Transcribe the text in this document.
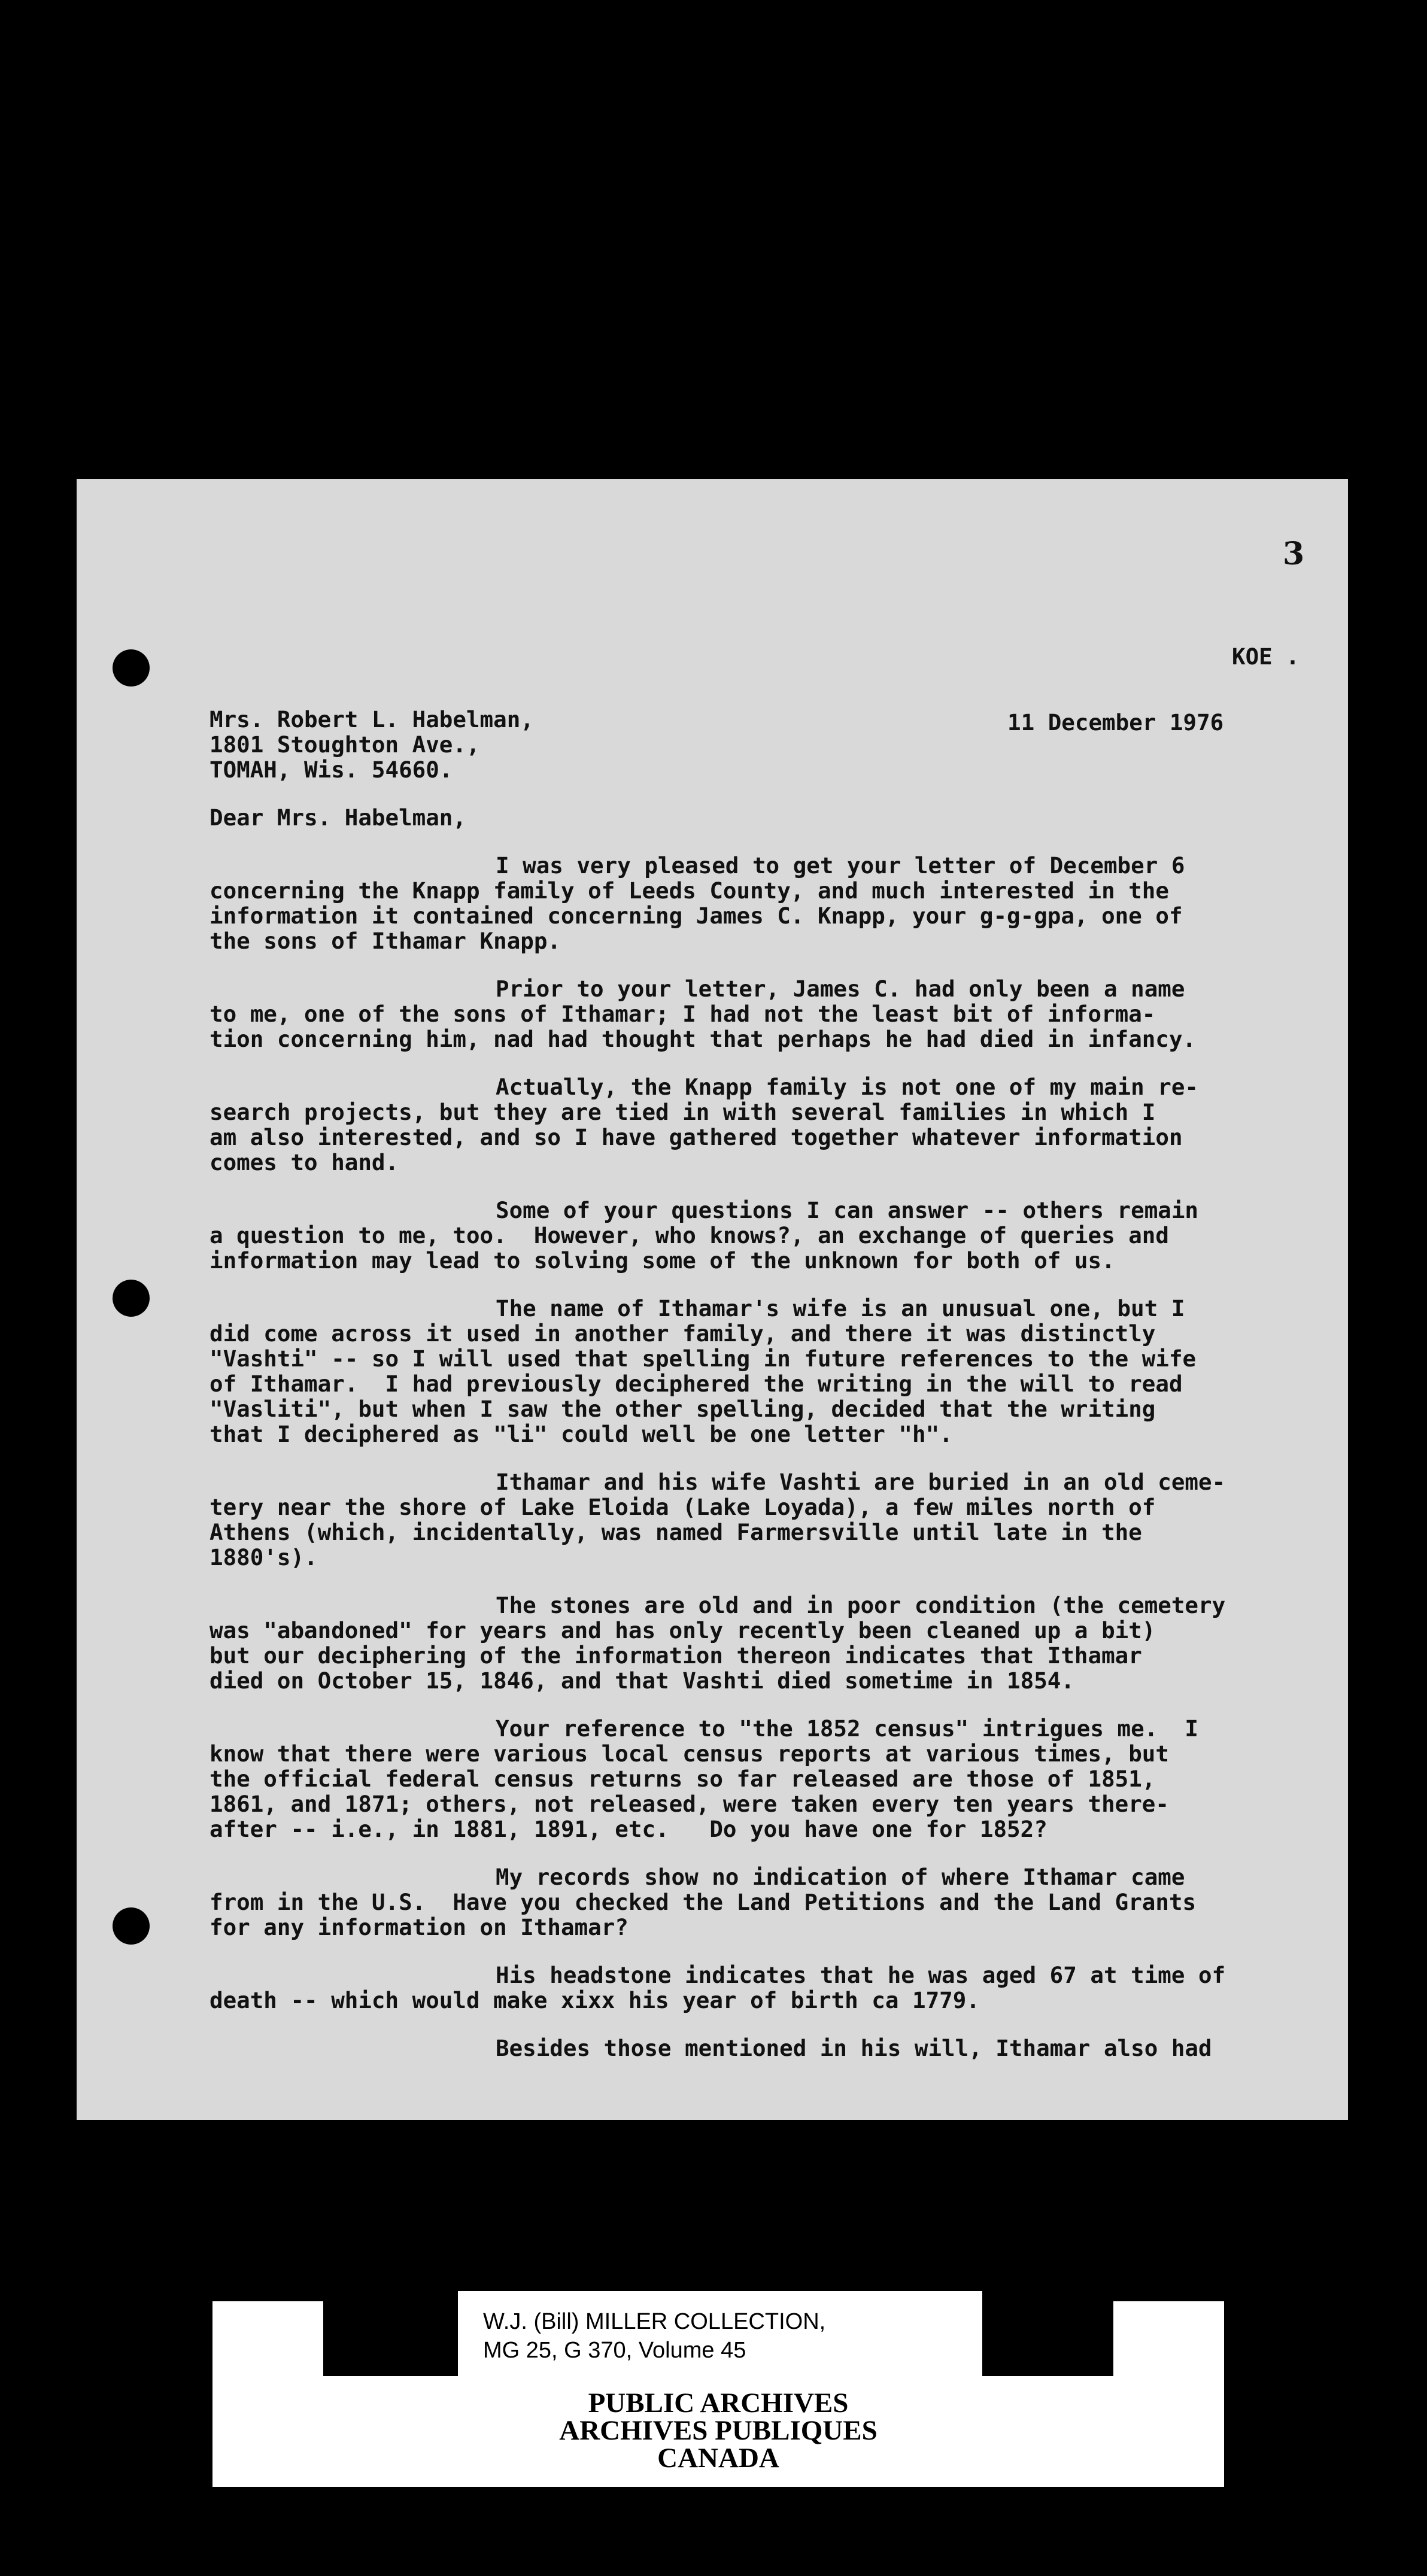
3
KOE .
11 December 1976
Mrs. Robert L. Habelman,
1801 Stoughton Ave.,
TOMAH, Wis. 54660.
Dear Mrs. Habelman,
I was very pleased to get your letter of December 6
concerning the Knapp family of Leeds County, and much interested in the
information it contained concerning James C. Knapp, your g-g-gpa, one of
the sons of Ithamar Knapp.
Prior to your letter, James C. had only been a name
to me, one of the sons of Ithamar; I had not the least bit of informa-
tion concerning him, nad had thought that perhaps he had died in infancy.
Actually, the Knapp family is not one of my main re-
search projects, but they are tied in with several families in which I
am also interested, and so I have gathered together whatever information
comes to hand.
Some of your questions I can answer -- others remain
a question to me, too.  However, who knows?, an exchange of queries and
information may lead to solving some of the unknown for both of us.
The name of Ithamar's wife is an unusual one, but I
did come across it used in another family, and there it was distinctly
"Vashti" -- so I will used that spelling in future references to the wife
of Ithamar.  I had previously deciphered the writing in the will to read
"Vasliti", but when I saw the other spelling, decided that the writing
that I deciphered as "li" could well be one letter "h".
Ithamar and his wife Vashti are buried in an old ceme-
tery near the shore of Lake Eloida (Lake Loyada), a few miles north of
Athens (which, incidentally, was named Farmersville until late in the
1880's).
The stones are old and in poor condition (the cemetery
was "abandoned" for years and has only recently been cleaned up a bit)
but our deciphering of the information thereon indicates that Ithamar
died on October 15, 1846, and that Vashti died sometime in 1854.
Your reference to "the 1852 census" intrigues me.  I
know that there were various local census reports at various times, but
the official federal census returns so far released are those of 1851,
1861, and 1871; others, not released, were taken every ten years there-
after -- i.e., in 1881, 1891, etc.   Do you have one for 1852?
My records show no indication of where Ithamar came
from in the U.S.  Have you checked the Land Petitions and the Land Grants
for any information on Ithamar?
His headstone indicates that he was aged 67 at time of
death -- which would make xixx his year of birth ca 1779.
Besides those mentioned in his will, Ithamar also had
W.J. (Bill) MILLER COLLECTION,
MG 25, G 370, Volume 45
PUBLIC ARCHIVES
ARCHIVES PUBLIQUES
CANADA
